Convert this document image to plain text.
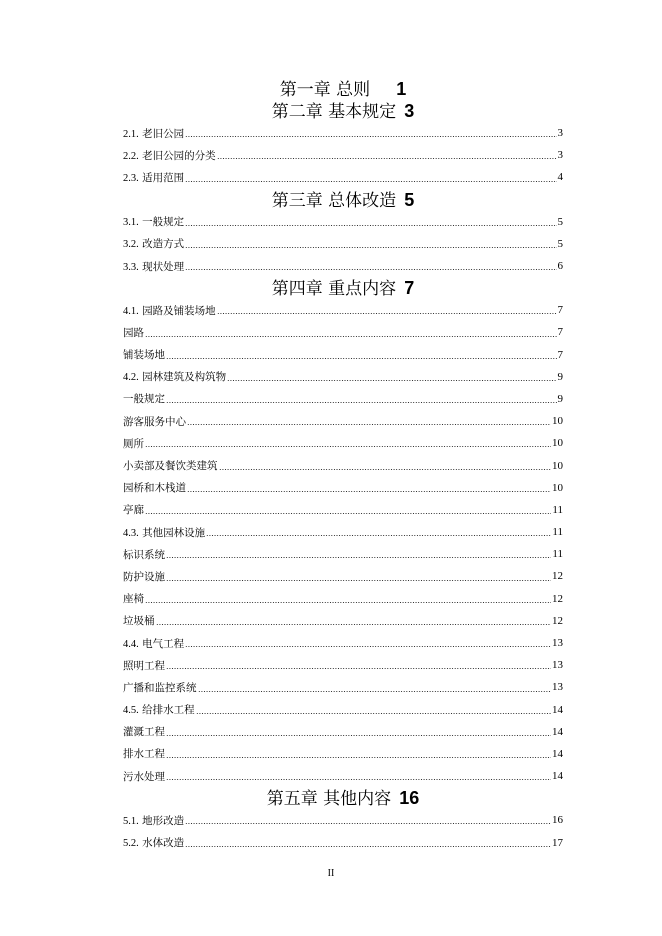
第一章 总则 1
第二章 基本规定 3
2.1. 老旧公园	3
2.2. 老旧公园的分类	3
2.3. 适用范围	4
第三章 总体改造 5
3.1. 一般规定	5
3.2. 改造方式	5
3.3. 现状处理	6
第四章 重点内容 7
4.1. 园路及铺装场地	7
园路	7
铺装场地	7
4.2. 园林建筑及构筑物	9
一般规定	9
游客服务中心	10
厕所	10
小卖部及餐饮类建筑	10
园桥和木栈道	10
亭廊	11
4.3. 其他园林设施	11
标识系统	11
防护设施	12
座椅	12
垃圾桶	12
4.4. 电气工程	13
照明工程	13
广播和监控系统	13
4.5. 给排水工程	14
灌溉工程	14
排水工程	14
污水处理	14
第五章 其他内容 16
5.1. 地形改造	16
5.2. 水体改造	17
II
